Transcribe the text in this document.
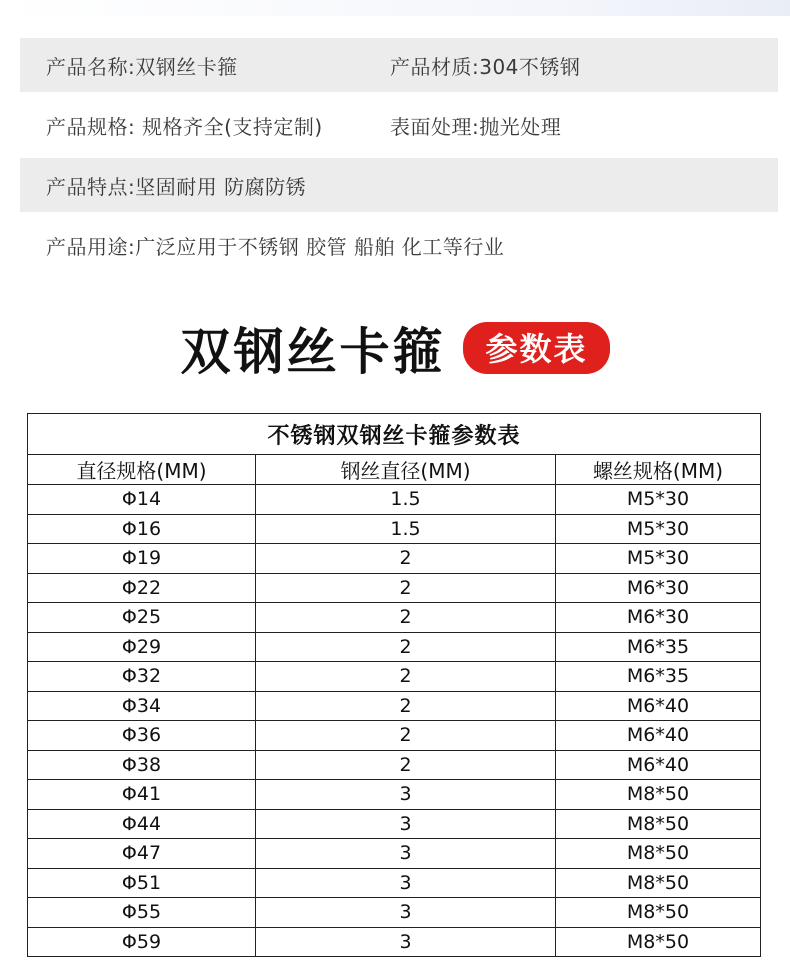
产品名称:双钢丝卡箍	产品材质:304不锈钢
产品规格: 规格齐全(支持定制)	表面处理:抛光处理
产品特点:坚固耐用 防腐防锈
产品用途:广泛应用于不锈钢 胶管 船舶 化工等行业
双钢丝卡箍	参数表
不锈钢双钢丝卡箍参数表		
直径规格(MM)	钢丝直径(MM)	螺丝规格(MM)
Φ14	1.5	M5*30
Φ16	1.5	M5*30
Φ19	2	M5*30
Φ22	2	M6*30
Φ25	2	M6*30
Φ29	2	M6*35
Φ32	2	M6*35
Φ34	2	M6*40
Φ36	2	M6*40
Φ38	2	M6*40
Φ41	3	M8*50
Φ44	3	M8*50
Φ47	3	M8*50
Φ51	3	M8*50
Φ55	3	M8*50
Φ59	3	M8*50
